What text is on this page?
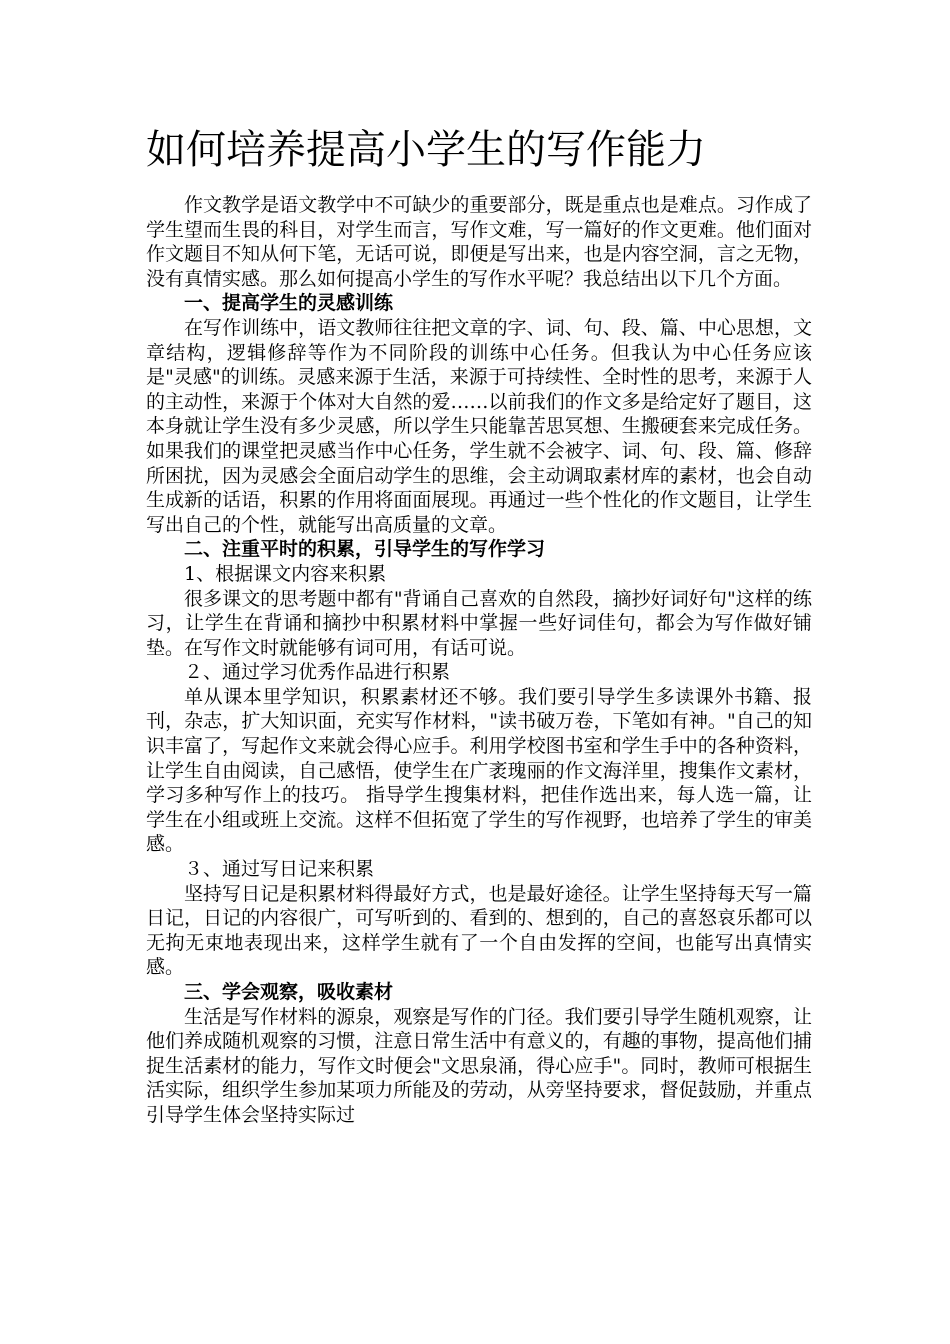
如何培养提高小学生的写作能力

作文教学是语文教学中不可缺少的重要部分，既是重点也是难点。习作成了学生望而生畏的科目，对学生而言，写作文难，写一篇好的作文更难。他们面对作文题目不知从何下笔，无话可说，即便是写出来，也是内容空洞，言之无物，没有真情实感。那么如何提高小学生的写作水平呢？我总结出以下几个方面。

一、提高学生的灵感训练

在写作训练中，语文教师往往把文章的字、词、句、段、篇、中心思想，文章结构，逻辑修辞等作为不同阶段的训练中心任务。但我认为中心任务应该是"灵感"的训练。灵感来源于生活，来源于可持续性、全时性的思考，来源于人的主动性，来源于个体对大自然的爱……以前我们的作文多是给定好了题目，这本身就让学生没有多少灵感，所以学生只能靠苦思冥想、生搬硬套来完成任务。如果我们的课堂把灵感当作中心任务，学生就不会被字、词、句、段、篇、修辞所困扰，因为灵感会全面启动学生的思维，会主动调取素材库的素材，也会自动生成新的话语，积累的作用将面面展现。再通过一些个性化的作文题目，让学生写出自己的个性，就能写出高质量的文章。

二、注重平时的积累，引导学生的写作学习

1、根据课文内容来积累

很多课文的思考题中都有"背诵自己喜欢的自然段，摘抄好词好句"这样的练习，让学生在背诵和摘抄中积累材料中掌握一些好词佳句，都会为写作做好铺垫。在写作文时就能够有词可用，有话可说。

２、通过学习优秀作品进行积累

单从课本里学知识，积累素材还不够。我们要引导学生多读课外书籍、报刊，杂志，扩大知识面，充实写作材料，"读书破万卷，下笔如有神。"自己的知识丰富了，写起作文来就会得心应手。利用学校图书室和学生手中的各种资料，让学生自由阅读，自己感悟，使学生在广袤瑰丽的作文海洋里，搜集作文素材，学习多种写作上的技巧。 指导学生搜集材料，把佳作选出来，每人选一篇，让学生在小组或班上交流。这样不但拓宽了学生的写作视野，也培养了学生的审美感。

３、通过写日记来积累

坚持写日记是积累材料得最好方式，也是最好途径。让学生坚持每天写一篇日记，日记的内容很广，可写听到的、看到的、想到的，自己的喜怒哀乐都可以无拘无束地表现出来，这样学生就有了一个自由发挥的空间，也能写出真情实感。

三、学会观察，吸收素材

生活是写作材料的源泉，观察是写作的门径。我们要引导学生随机观察，让他们养成随机观察的习惯，注意日常生活中有意义的，有趣的事物，提高他们捕捉生活素材的能力，写作文时便会"文思泉涌，得心应手"。同时，教师可根据生活实际，组织学生参加某项力所能及的劳动，从旁坚持要求，督促鼓励，并重点引导学生体会坚持实际过
